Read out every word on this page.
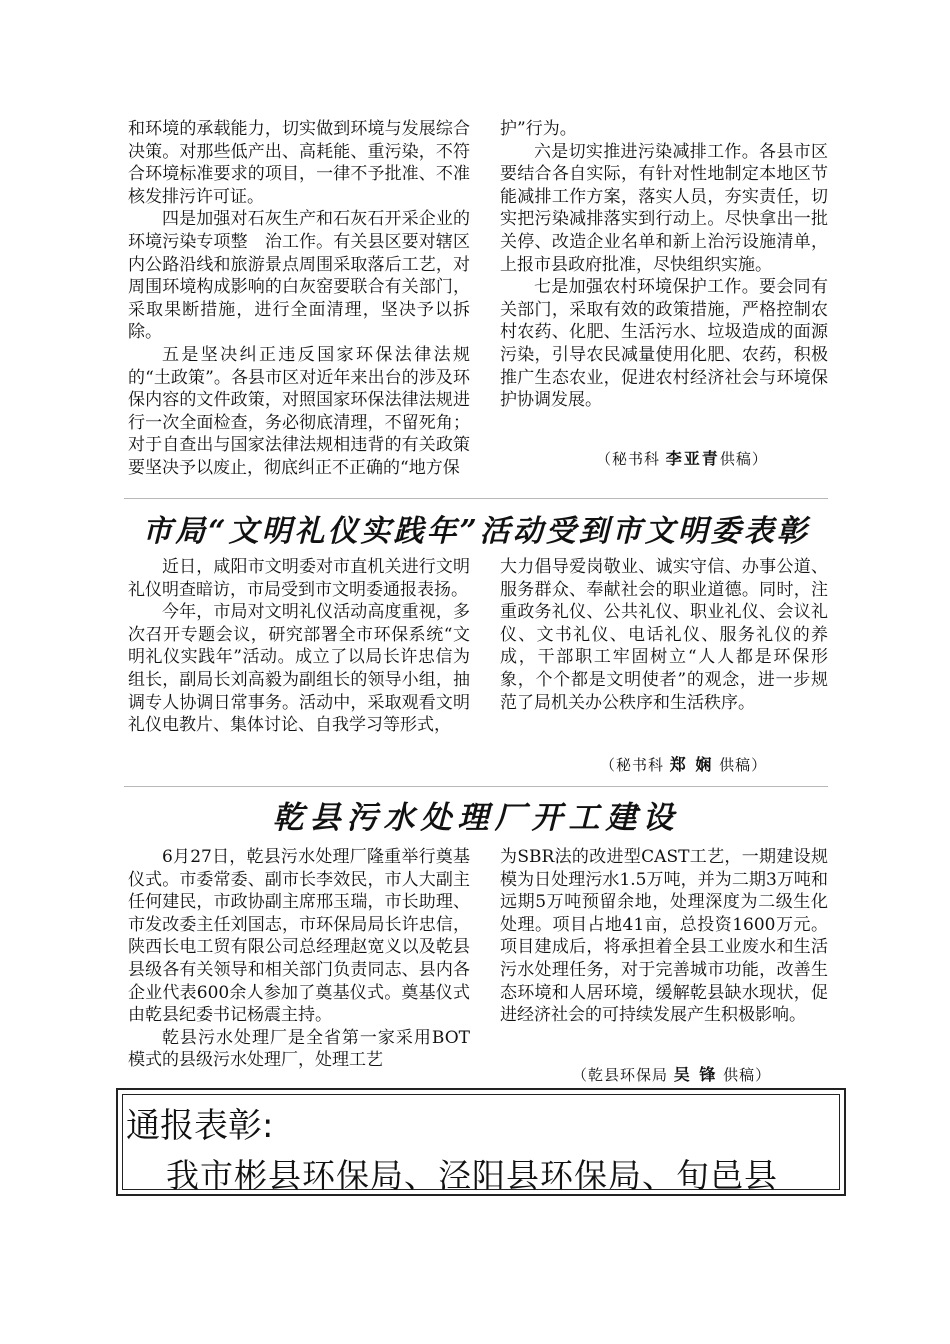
和环境的承载能力，切实做到环境与发展综合决策。对那些低产出、高耗能、重污染，不符合环境标准要求的项目，一律不予批准、不准核发排污许可证。

四是加强对石灰生产和石灰石开采企业的环境污染专项整　治工作。有关县区要对辖区内公路沿线和旅游景点周围采取落后工艺，对周围环境构成影响的白灰窑要联合有关部门，采取果断措施，进行全面清理，坚决予以拆除。

五是坚决纠正违反国家环保法律法规的“土政策”。各县市区对近年来出台的涉及环保内容的文件政策，对照国家环保法律法规进行一次全面检查，务必彻底清理，不留死角；对于自查出与国家法律法规相违背的有关政策要坚决予以废止，彻底纠正不正确的“地方保

护”行为。

六是切实推进污染减排工作。各县市区要结合各自实际，有针对性地制定本地区节能减排工作方案，落实人员，夯实责任，切实把污染减排落实到行动上。尽快拿出一批关停、改造企业名单和新上治污设施清单，上报市县政府批准，尽快组织实施。

七是加强农村环境保护工作。要会同有关部门，采取有效的政策措施，严格控制农村农药、化肥、生活污水、垃圾造成的面源污染，引导农民减量使用化肥、农药，积极推广生态农业，促进农村经济社会与环境保护协调发展。

（秘书科 李亚青供稿）
市局“文明礼仪实践年”活动受到市文明委表彰

近日，咸阳市文明委对市直机关进行文明礼仪明查暗访，市局受到市文明委通报表扬。

今年，市局对文明礼仪活动高度重视，多次召开专题会议，研究部署全市环保系统“文明礼仪实践年”活动。成立了以局长许忠信为组长，副局长刘高毅为副组长的领导小组，抽调专人协调日常事务。活动中，采取观看文明礼仪电教片、集体讨论、自我学习等形式，

大力倡导爱岗敬业、诚实守信、办事公道、服务群众、奉献社会的职业道德。同时，注重政务礼仪、公共礼仪、职业礼仪、会议礼仪、文书礼仪、电话礼仪、服务礼仪的养成，干部职工牢固树立“人人都是环保形象，个个都是文明使者”的观念，进一步规范了局机关办公秩序和生活秩序。

（秘书科 郑 娴 供稿）
乾县污水处理厂开工建设

6月27日，乾县污水处理厂隆重举行奠基仪式。市委常委、副市长李效民，市人大副主任何建民，市政协副主席邢玉瑞，市长助理、市发改委主任刘国志，市环保局局长许忠信，陕西长电工贸有限公司总经理赵宽义以及乾县县级各有关领导和相关部门负责同志、县内各企业代表600余人参加了奠基仪式。奠基仪式由乾县纪委书记杨震主持。

乾县污水处理厂是全省第一家采用BOT模式的县级污水处理厂，处理工艺

为SBR法的改进型CAST工艺，一期建设规模为日处理污水1.5万吨，并为二期3万吨和远期5万吨预留余地，处理深度为二级生化处理。项目占地41亩，总投资1600万元。项目建成后，将承担着全县工业废水和生活污水处理任务，对于完善城市功能，改善生态环境和人居环境，缓解乾县缺水现状，促进经济社会的可持续发展产生积极影响。

（乾县环保局 吴 锋 供稿）
通报表彰:
我市彬县环保局、泾阳县环保局、旬邑县
